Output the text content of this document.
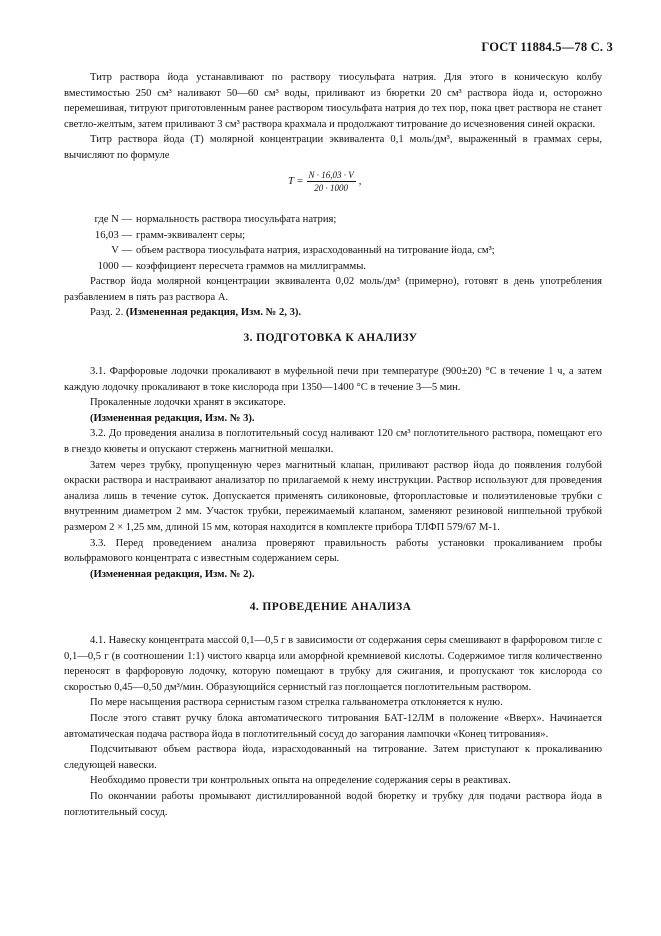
ГОСТ 11884.5—78 С. 3

Титр раствора йода устанавливают по раствору тиосульфата натрия. Для этого в коническую колбу вместимостью 250 см³ наливают 50—60 см³ воды, приливают из бюретки 20 см³ раствора йода и, осторожно перемешивая, титруют приготовленным ранее раствором тиосульфата натрия до тех пор, пока цвет раствора не станет светло-желтым, затем приливают 3 см³ раствора крахмала и продолжают титрование до исчезновения синей окраски.

Титр раствора йода (T) молярной концентрации эквивалента 0,1 моль/дм³, выраженный в граммах серы, вычисляют по формуле

$T = \frac{N \cdot 16,03 \cdot V}{20 \cdot 1000}$ ,
где N — нормальность раствора тиосульфата натрия;
16,03 — грамм-эквивалент серы;
V — объем раствора тиосульфата натрия, израсходованный на титрование йода, см³;
1000 — коэффициент пересчета граммов на миллиграммы.

Раствор йода молярной концентрации эквивалента 0,02 моль/дм³ (примерно), готовят в день употребления разбавлением в пять раз раствора А.

Разд. 2. (Измененная редакция, Изм. № 2, 3).

3. ПОДГОТОВКА К АНАЛИЗУ

3.1. Фарфоровые лодочки прокаливают в муфельной печи при температуре (900±20) °С в течение 1 ч, а затем каждую лодочку прокаливают в токе кислорода при 1350—1400 °С в течение 3—5 мин.

Прокаленные лодочки хранят в эксикаторе.

(Измененная редакция, Изм. № 3).

3.2. До проведения анализа в поглотительный сосуд наливают 120 см³ поглотительного раствора, помещают его в гнездо кюветы и опускают стержень магнитной мешалки.

Затем через трубку, пропущенную через магнитный клапан, приливают раствор йода до появления голубой окраски раствора и настраивают анализатор по прилагаемой к нему инструкции. Раствор используют для проведения анализа лишь в течение суток. Допускается применять силиконовые, фторопластовые и полиэтиленовые трубки с внутренним диаметром 2 мм. Участок трубки, пережимаемый клапаном, заменяют резиновой ниппельной трубкой размером 2 × 1,25 мм, длиной 15 мм, которая находится в комплекте прибора ТЛФП 579/67 М-1.

3.3. Перед проведением анализа проверяют правильность работы установки прокаливанием пробы вольфрамового концентрата с известным содержанием серы.

(Измененная редакция, Изм. № 2).

4. ПРОВЕДЕНИЕ АНАЛИЗА

4.1. Навеску концентрата массой 0,1—0,5 г в зависимости от содержания серы смешивают в фарфоровом тигле с 0,1—0,5 г (в соотношении 1:1) чистого кварца или аморфной кремниевой кислоты. Содержимое тигля количественно переносят в фарфоровую лодочку, которую помещают в трубку для сжигания, и пропускают ток кислорода со скоростью 0,45—0,50 дм³/мин. Образующийся сернистый газ поглощается поглотительным раствором.

По мере насыщения раствора сернистым газом стрелка гальванометра отклоняется к нулю.

После этого ставят ручку блока автоматического титрования БАТ-12ЛМ в положение «Вверх». Начинается автоматическая подача раствора йода в поглотительный сосуд до загорания лампочки «Конец титрования».

Подсчитывают объем раствора йода, израсходованный на титрование. Затем приступают к прокаливанию следующей навески.

Необходимо провести три контрольных опыта на определение содержания серы в реактивах.

По окончании работы промывают дистиллированной водой бюретку и трубку для подачи раствора йода в поглотительный сосуд.
